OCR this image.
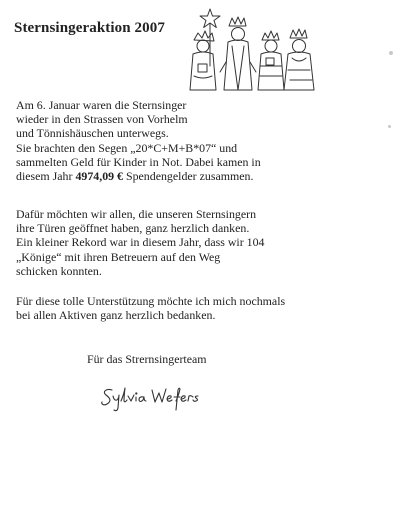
Sternsingeraktion 2007
Am 6. Januar waren die Sternsinger
wieder in den Strassen von Vorhelm
und Tönnishäuschen unterwegs.
Sie brachten den Segen „20*C+M+B*07“ und
sammelten Geld für Kinder in Not. Dabei kamen in
diesem Jahr 4974,09 € Spendengelder zusammen.
Dafür möchten wir allen, die unseren Sternsingern
ihre Türen geöffnet haben, ganz herzlich danken.
Ein kleiner Rekord war in diesem Jahr, dass wir 104
„Könige“ mit ihren Betreuern auf den Weg
schicken konnten.
Für diese tolle Unterstützung möchte ich mich nochmals
bei allen Aktiven ganz herzlich bedanken.
Für das Strernsingerteam
